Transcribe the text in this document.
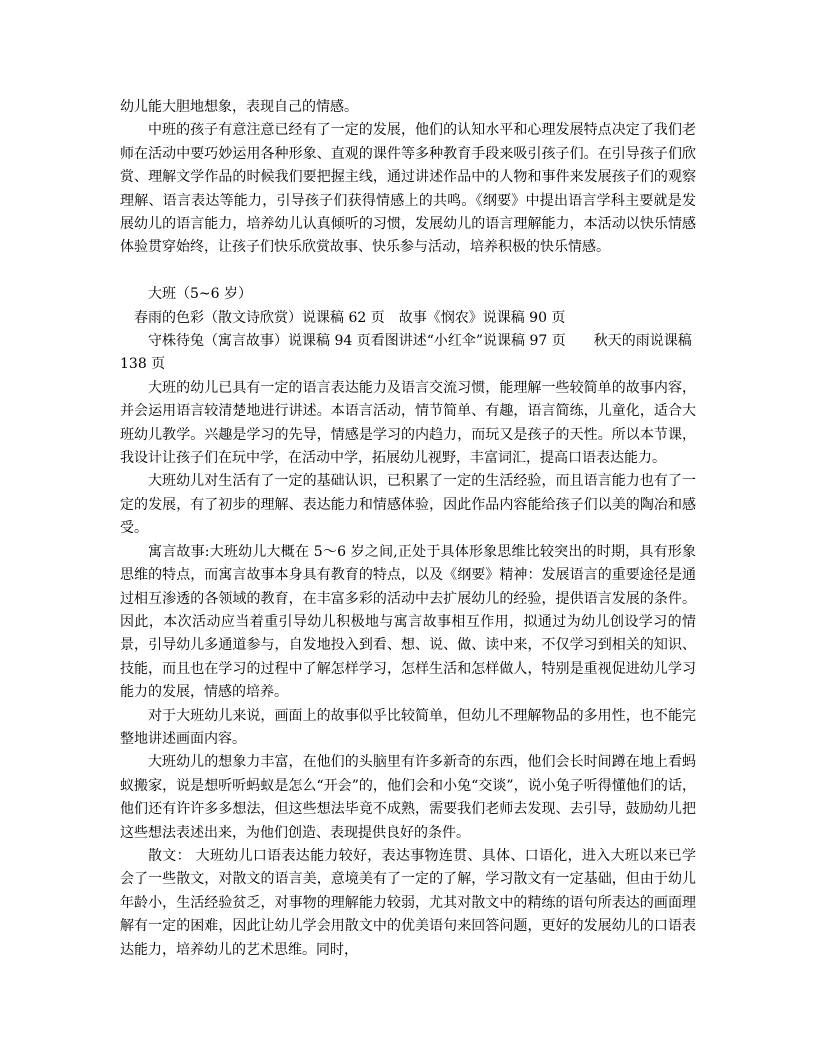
幼儿能大胆地想象，表现自己的情感。

中班的孩子有意注意已经有了一定的发展，他们的认知水平和心理发展特点决定了我们老师在活动中要巧妙运用各种形象、直观的课件等多种教育手段来吸引孩子们。在引导孩子们欣赏、理解文学作品的时候我们要把握主线，通过讲述作品中的人物和事件来发展孩子们的观察理解、语言表达等能力，引导孩子们获得情感上的共鸣。《纲要》中提出语言学科主要就是发展幼儿的语言能力，培养幼儿认真倾听的习惯，发展幼儿的语言理解能力，本活动以快乐情感体验贯穿始终，让孩子们快乐欣赏故事、快乐参与活动，培养积极的快乐情感。

大班（5~6 岁）

春雨的色彩（散文诗欣赏）说课稿 62 页　故事《悯农》说课稿 90 页

守株待兔（寓言故事）说课稿 94 页看图讲述“小红伞”说课稿 97 页　　秋天的雨说课稿 138 页

大班的幼儿已具有一定的语言表达能力及语言交流习惯，能理解一些较简单的故事内容，并会运用语言较清楚地进行讲述。本语言活动，情节简单、有趣，语言简练，儿童化，适合大班幼儿教学。兴趣是学习的先导，情感是学习的内趋力，而玩又是孩子的天性。所以本节课，我设计让孩子们在玩中学，在活动中学，拓展幼儿视野，丰富词汇，提高口语表达能力。

大班幼儿对生活有了一定的基础认识，已积累了一定的生活经验，而且语言能力也有了一定的发展，有了初步的理解、表达能力和情感体验，因此作品内容能给孩子们以美的陶冶和感受。

寓言故事:大班幼儿大概在 5～6 岁之间,正处于具体形象思维比较突出的时期，具有形象思维的特点，而寓言故事本身具有教育的特点，以及《纲要》精神：发展语言的重要途径是通过相互渗透的各领域的教育，在丰富多彩的活动中去扩展幼儿的经验，提供语言发展的条件。因此，本次活动应当着重引导幼儿积极地与寓言故事相互作用，拟通过为幼儿创设学习的情景，引导幼儿多通道参与，自发地投入到看、想、说、做、读中来，不仅学习到相关的知识、技能，而且也在学习的过程中了解怎样学习，怎样生活和怎样做人，特别是重视促进幼儿学习能力的发展，情感的培养。

对于大班幼儿来说，画面上的故事似乎比较简单，但幼儿不理解物品的多用性，也不能完整地讲述画面内容。

大班幼儿的想象力丰富，在他们的头脑里有许多新奇的东西，他们会长时间蹲在地上看蚂蚁搬家，说是想听听蚂蚁是怎么“开会”的，他们会和小兔“交谈”，说小兔子听得懂他们的话，他们还有许许多多想法，但这些想法毕竟不成熟，需要我们老师去发现、去引导，鼓励幼儿把这些想法表述出来，为他们创造、表现提供良好的条件。

散文： 大班幼儿口语表达能力较好，表达事物连贯、具体、口语化，进入大班以来已学会了一些散文，对散文的语言美，意境美有了一定的了解，学习散文有一定基础，但由于幼儿年龄小，生活经验贫乏，对事物的理解能力较弱，尤其对散文中的精练的语句所表达的画面理解有一定的困难，因此让幼儿学会用散文中的优美语句来回答问题，更好的发展幼儿的口语表达能力，培养幼儿的艺术思维。同时，
